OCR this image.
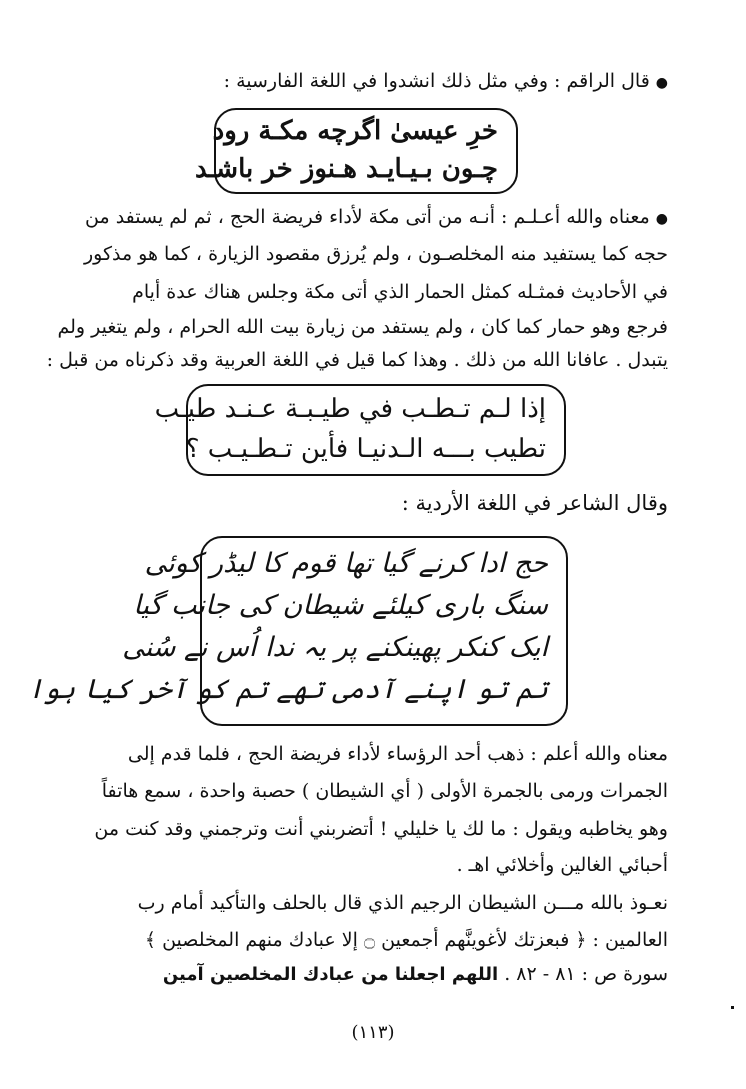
●قال الراقم : وفي مثل ذلك انشدوا في اللغة الفارسية :
خرِ عيسىٰ اگرچه مكـة رود
چـون بـيـايـد هـنوز خر باشـد
●معناه والله أعـلـم : أنـه من أتى مكة لأداء فريضة الحج ، ثم لم يستفد من
حجه كما يستفيد منه المخلصـون ، ولم يُرزق مقصود الزيارة ، كما هو مذكور
في الأحاديث فمثـله كمثل الحمار الذي أتى مكة وجلس هناك عدة أيام
فرجع وهو حمار كما كان ، ولم يستفد من زيارة بيت الله الحرام ، ولم يتغير ولم
يتبدل . عافانا الله من ذلك . وهذا كما قيل في اللغة العربية وقد ذكرناه من قبل :
إذا لـم تـطـب في طيـبـة عـنـد طيـب
تطيب بـــه الـدنيـا فأين تـطـيـب ؟
وقال الشاعر في اللغة الأردية :
حج ادا کرنے گیا تھا قوم کا لیڈر کوئی
سنگ باری کیلئے شیطان کی جانب گیا
ایک کنکر پھینکنے پر یہ ندا اُس نے سُنی
تم تو اپنے آدمی تھے تم کو آخر کیا ہوا
معناه والله أعلم : ذهب أحد الرؤساء لأداء فريضة الحج ، فلما قدم إلى
الجمرات ورمى بالجمرة الأولى ( أي الشيطان ) حصبة واحدة ، سمع هاتفاً
وهو يخاطبه ويقول : ما لك يا خليلي ! أتضربني أنت وترجمني وقد كنت من
أحبائي الغالين وأخلائي اهـ .
نعـوذ بالله مـــن الشيطان الرجيم الذي قال بالحلف والتأكيد أمام رب
العالمين : ﴿ فبعزتك لأغوينَّهم أجمعين ۝ إلا عبادك منهم المخلصين ﴾
سورة ص : ٨١ - ٨٢ . اللهم اجعلنا من عبادك المخلصين آمين
(١١٣)
